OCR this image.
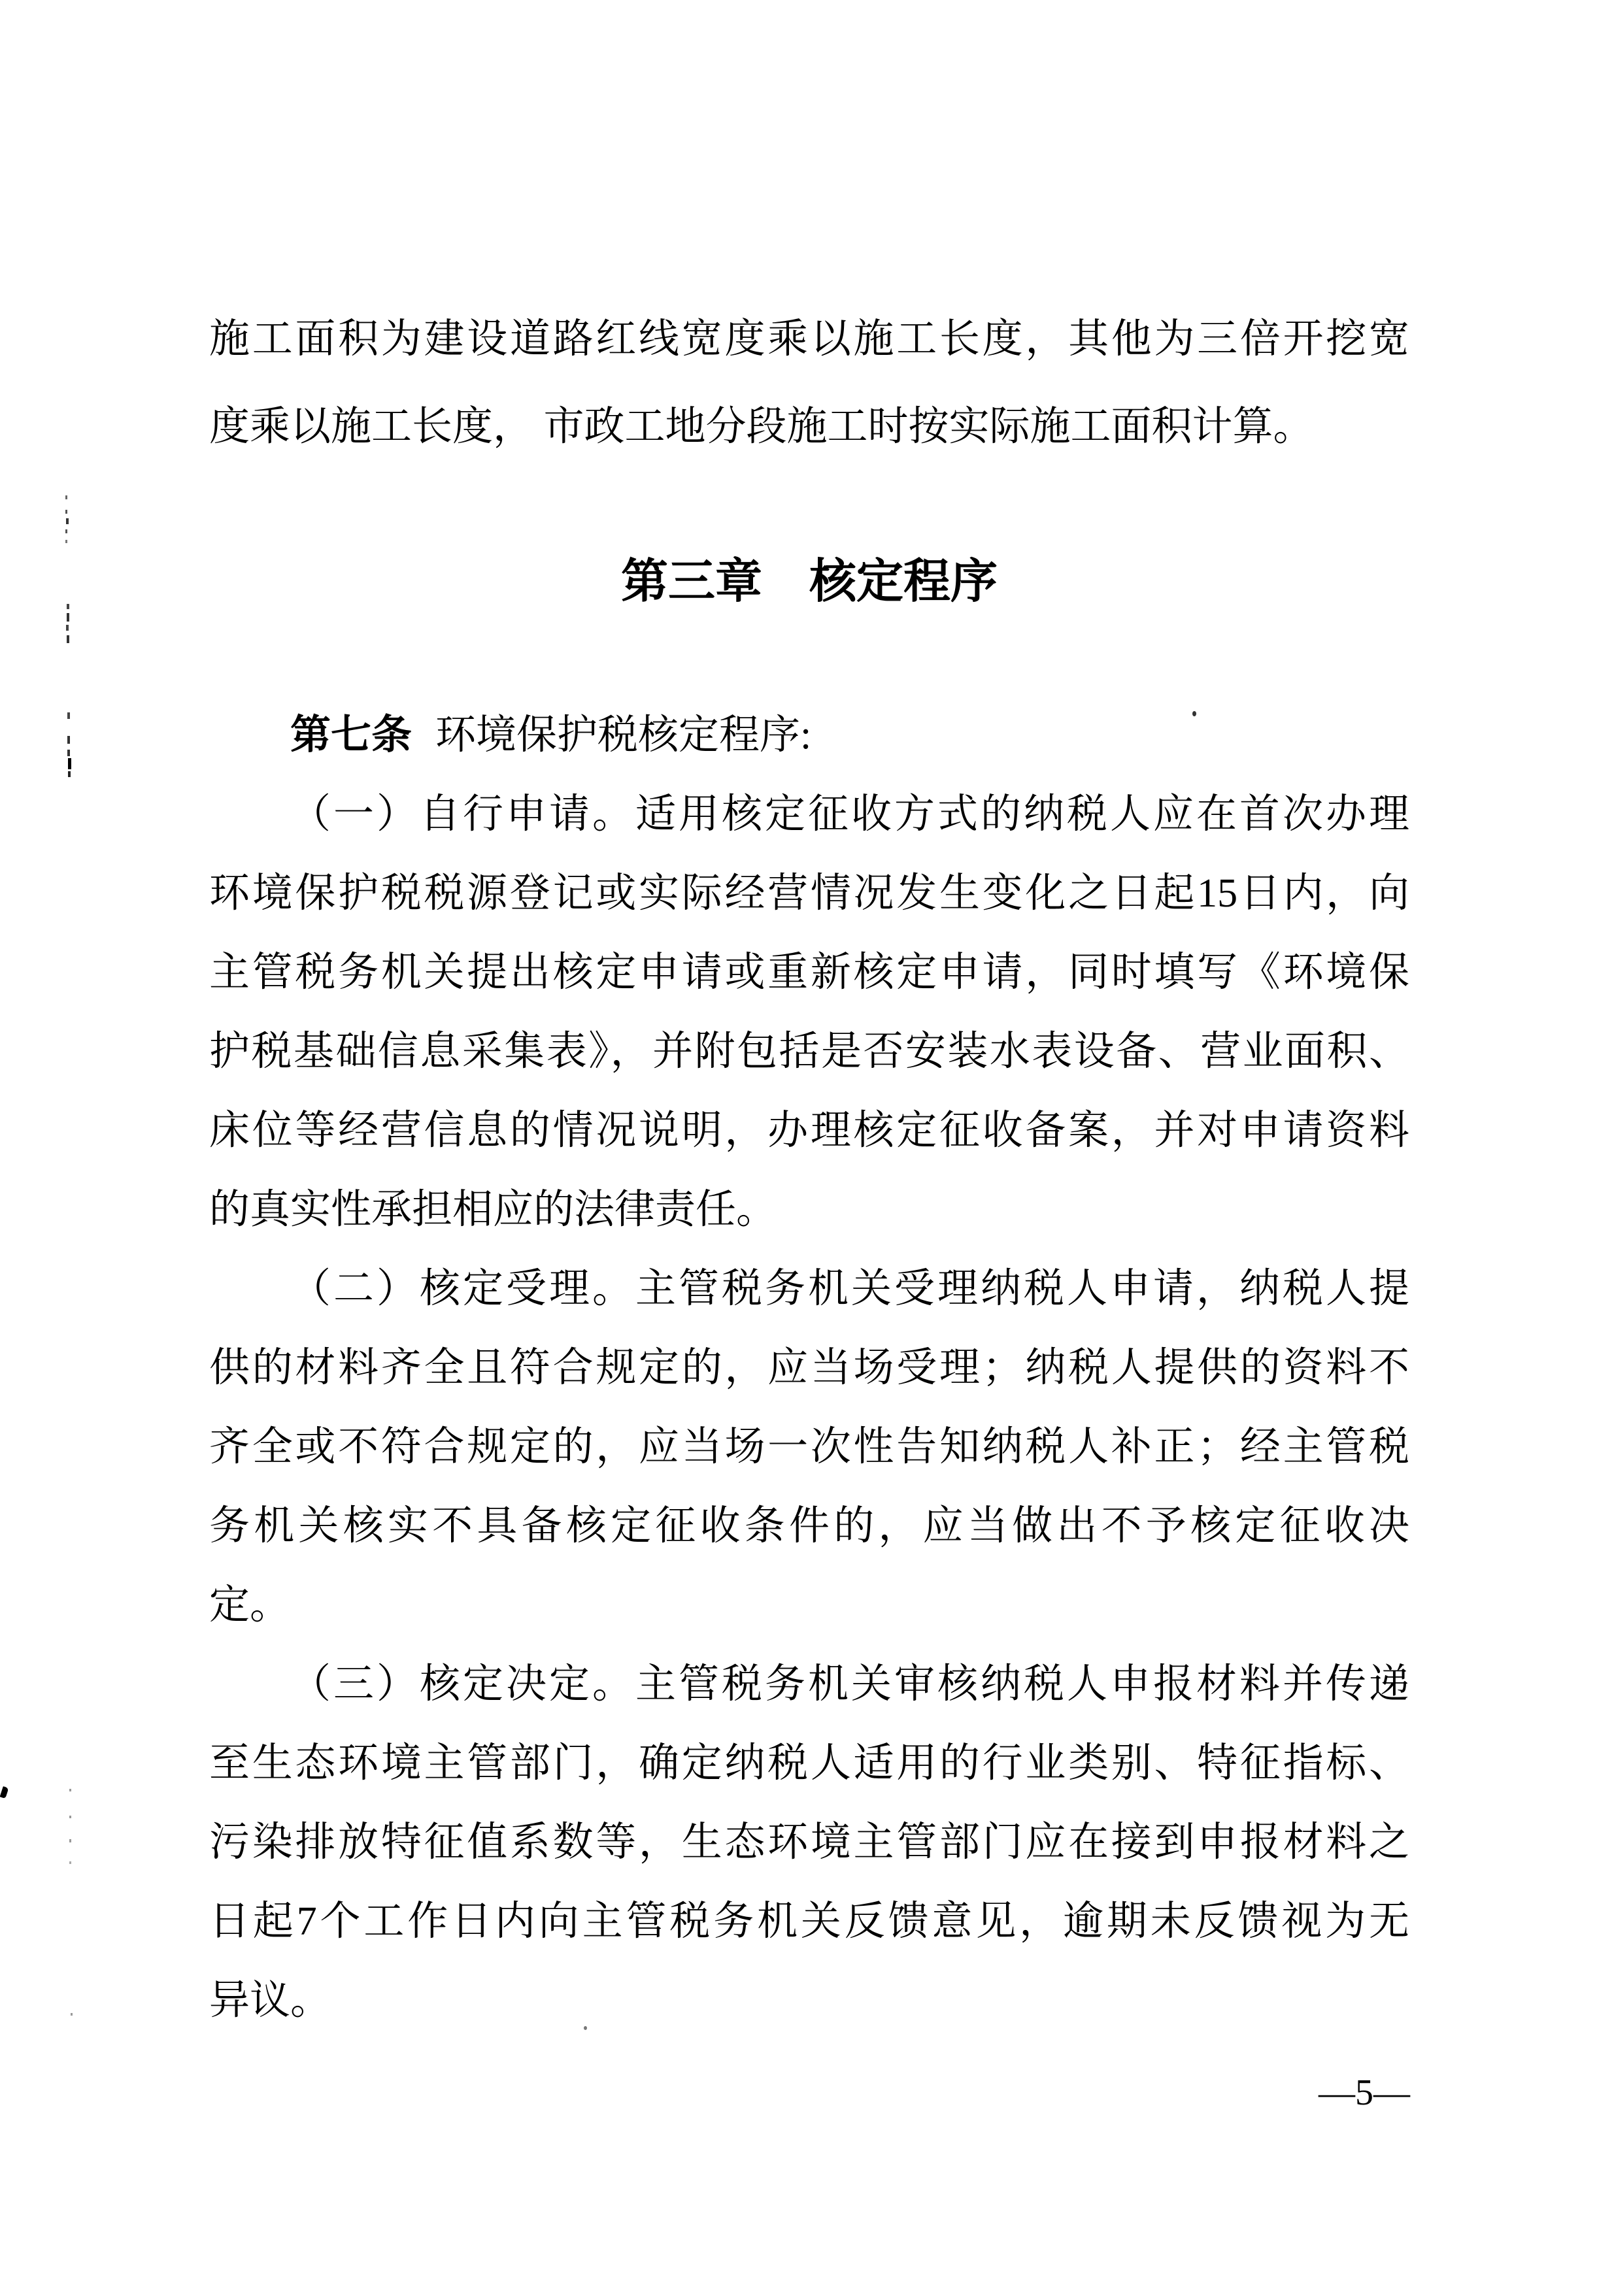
施工面积为建设道路红线宽度乘以施工长度，其他为三倍开挖宽
度乘以施工长度， 市政工地分段施工时按实际施工面积计算。
第三章　核定程序
第七条 环境保护税核定程序:
（一）自行申请。适用核定征收方式的纳税人应在首次办理
环境保护税税源登记或实际经营情况发生变化之日起15日内，向
主管税务机关提出核定申请或重新核定申请，同时填写《环境保
护税基础信息采集表》，并附包括是否安装水表设备、营业面积、
床位等经营信息的情况说明，办理核定征收备案，并对申请资料
的真实性承担相应的法律责任。
（二）核定受理。主管税务机关受理纳税人申请，纳税人提
供的材料齐全且符合规定的，应当场受理；纳税人提供的资料不
齐全或不符合规定的，应当场一次性告知纳税人补正；经主管税
务机关核实不具备核定征收条件的，应当做出不予核定征收决
定。
（三）核定决定。主管税务机关审核纳税人申报材料并传递
至生态环境主管部门，确定纳税人适用的行业类别、特征指标、
污染排放特征值系数等，生态环境主管部门应在接到申报材料之
日起7个工作日内向主管税务机关反馈意见，逾期未反馈视为无
异议。
—5—
